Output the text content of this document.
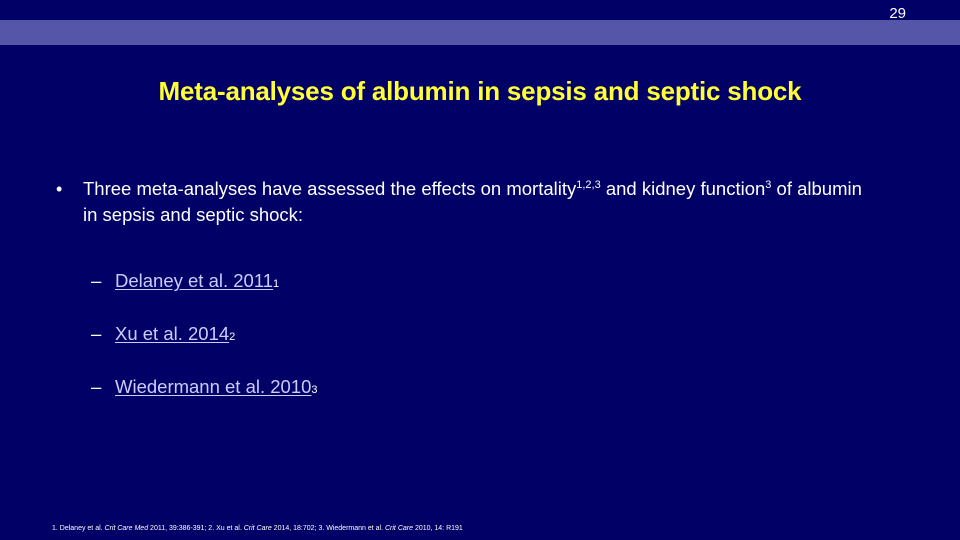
29
Meta-analyses of albumin in sepsis and septic shock
•	Three meta-analyses have assessed the effects on mortality$^{1,2,3}$ and kidney function$^3$ of albumin in sepsis and septic shock:
– Delaney et al. 2011 1
– Xu et al. 2014 2
– Wiedermann et al. 2010 3
1. Delaney et al. Crit Care Med 2011, 39:386-391; 2. Xu et al. Crit Care 2014, 18:702; 3. Wiedermann et al. Crit Care 2010, 14: R191
